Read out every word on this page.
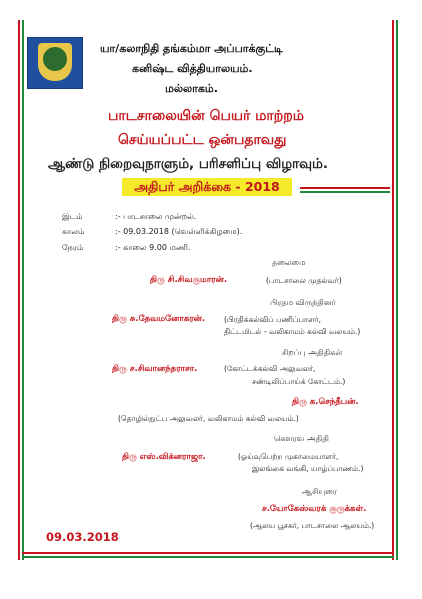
யா/கலாநிதி தங்கம்மா அப்பாக்குட்டி
கனிஷ்ட வித்தியாலயம்.
மல்லாகம்.
பாடசாலையின் பெயர் மாற்றம்
செய்யப்பட்ட ஒன்பதாவது
ஆண்டு நிறைவுநாளும், பரிசளிப்பு விழாவும்.
அதிபர் அறிக்கை - 2018
இடம்	:- பாடசாலை முன்றல்.
காலம்	:- 09.03.2018 (வெள்ளிக்கிழமை).
நேரம்	:- காலை 9.00 மணி.
தலைமை
திரு சி.சிவகுமாரன்.	(பாடசாலை முதல்வர்)
பிரதம விருந்தினர்
திரு சு.தேவமனோகரன்.	(பிரதிக்கல்விப் பணிப்பாளர்,
திட்டமிடல் - வலிகாமம் கல்வி வலயம்.)
சிறப்பு அதிதிகள்
திரு ச.சிவானந்தராசா.	(கோட்டக்கல்வி அலுவலர்,
சண்டிலிப்பாய்க் கோட்டம்.)
திரு க.செந்தீபன்.
(தொழில்நுட்ப அலுவலர், வலிகாமம் கல்வி வலயம்.)
கௌரவ அதிதி
திரு எஸ்.விக்னராஜா.	(ஓய்வுபெற்ற முகாமையாளர்,
இலங்கை வங்கி, யாழ்ப்பாணம்.)
ஆசியுரை
ச.யோகேஸ்வரக் குருக்கள்.
(ஆலய பூசகர், பாடசாலை ஆலயம்.)
09.03.2018
